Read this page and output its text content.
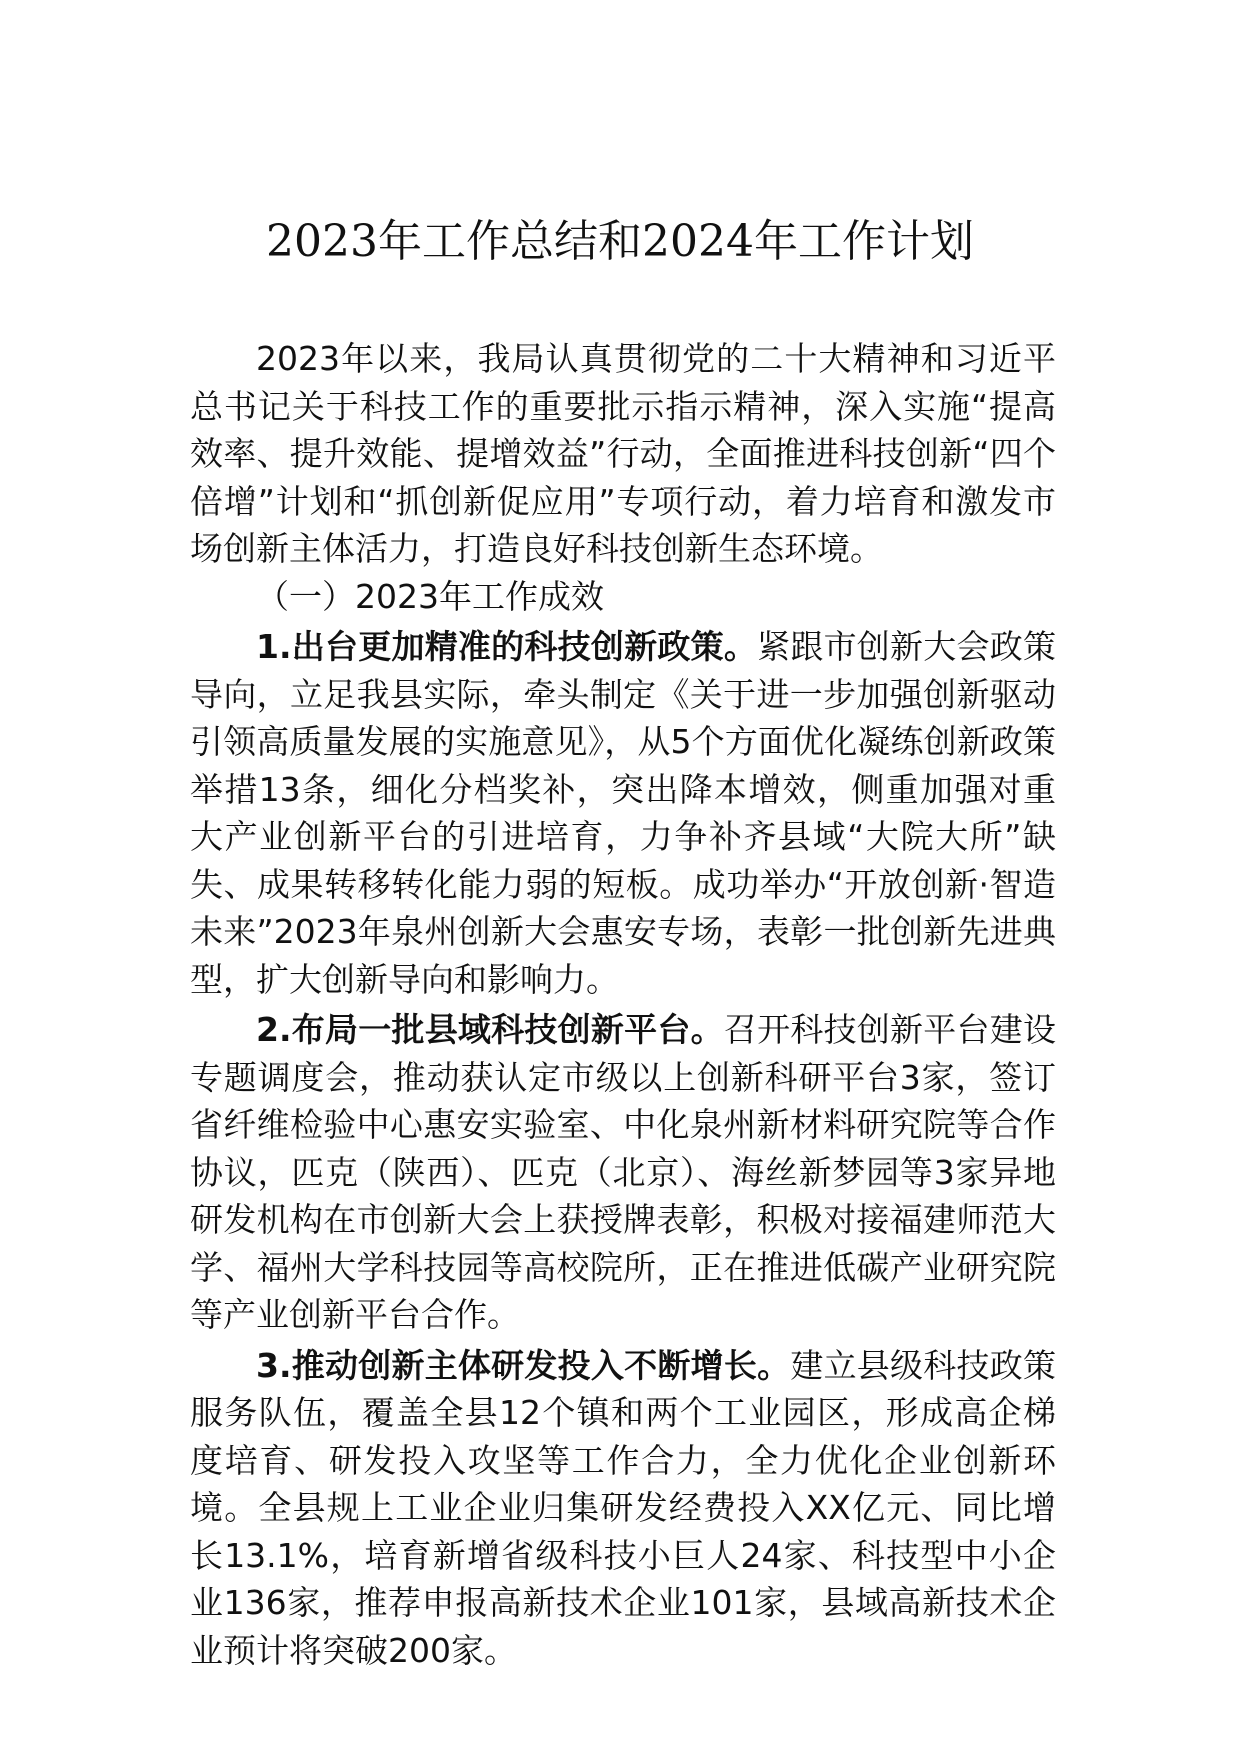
2023年工作总结和2024年工作计划

2023年以来，我局认真贯彻党的二十大精神和习近平总书记关于科技工作的重要批示指示精神，深入实施“提高效率、提升效能、提增效益”行动，全面推进科技创新“四个倍增”计划和“抓创新促应用”专项行动，着力培育和激发市场创新主体活力，打造良好科技创新生态环境。

（一）2023年工作成效

1.出台更加精准的科技创新政策。紧跟市创新大会政策导向，立足我县实际，牵头制定《关于进一步加强创新驱动引领高质量发展的实施意见》，从5个方面优化凝练创新政策举措13条，细化分档奖补，突出降本增效，侧重加强对重大产业创新平台的引进培育，力争补齐县域“大院大所”缺失、成果转移转化能力弱的短板。成功举办“开放创新·智造未来”2023年泉州创新大会惠安专场，表彰一批创新先进典型，扩大创新导向和影响力。

2.布局一批县域科技创新平台。召开科技创新平台建设专题调度会，推动获认定市级以上创新科研平台3家，签订省纤维检验中心惠安实验室、中化泉州新材料研究院等合作协议，匹克（陕西）、匹克（北京）、海丝新梦园等3家异地研发机构在市创新大会上获授牌表彰，积极对接福建师范大学、福州大学科技园等高校院所，正在推进低碳产业研究院等产业创新平台合作。

3.推动创新主体研发投入不断增长。建立县级科技政策服务队伍，覆盖全县12个镇和两个工业园区，形成高企梯度培育、研发投入攻坚等工作合力，全力优化企业创新环境。全县规上工业企业归集研发经费投入XX亿元、同比增长13.1%，培育新增省级科技小巨人24家、科技型中小企业136家，推荐申报高新技术企业101家，县域高新技术企业预计将突破200家。
